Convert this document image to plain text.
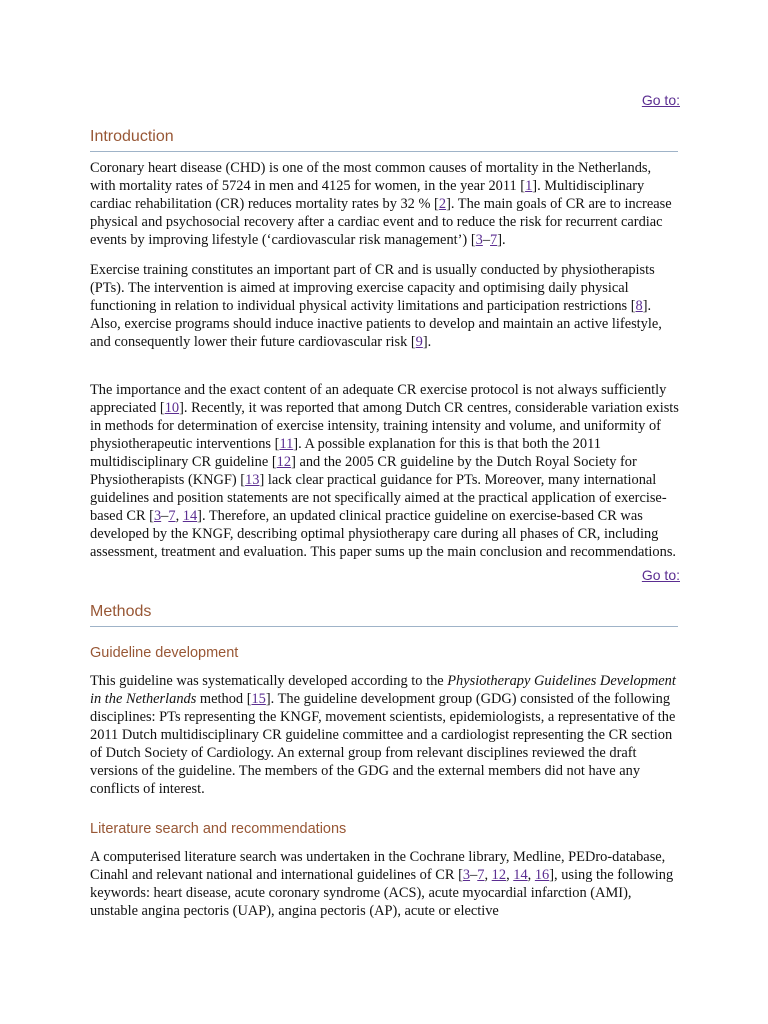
Go to:
Introduction

Coronary heart disease (CHD) is one of the most common causes of mortality in the Netherlands, with mortality rates of 5724 in men and 4125 for women, in the year 2011 [1]. Multidisciplinary cardiac rehabilitation (CR) reduces mortality rates by 32 % [2]. The main goals of CR are to increase physical and psychosocial recovery after a cardiac event and to reduce the risk for recurrent cardiac events by improving lifestyle (‘cardiovascular risk management’) [3–7].

Exercise training constitutes an important part of CR and is usually conducted by physiotherapists (PTs). The intervention is aimed at improving exercise capacity and optimising daily physical functioning in relation to individual physical activity limitations and participation restrictions [8]. Also, exercise programs should induce inactive patients to develop and maintain an active lifestyle, and consequently lower their future cardiovascular risk [9].

The importance and the exact content of an adequate CR exercise protocol is not always sufficiently appreciated [10]. Recently, it was reported that among Dutch CR centres, considerable variation exists in methods for determination of exercise intensity, training intensity and volume, and uniformity of physiotherapeutic interventions [11]. A possible explanation for this is that both the 2011 multidisciplinary CR guideline [12] and the 2005 CR guideline by the Dutch Royal Society for Physiotherapists (KNGF) [13] lack clear practical guidance for PTs. Moreover, many international guidelines and position statements are not specifically aimed at the practical application of exercise-based CR [3–7, 14]. Therefore, an updated clinical practice guideline on exercise-based CR was developed by the KNGF, describing optimal physiotherapy care during all phases of CR, including assessment, treatment and evaluation. This paper sums up the main conclusion and recommendations.

Go to:
Methods
Guideline development

This guideline was systematically developed according to the Physiotherapy Guidelines Development in the Netherlands method [15]. The guideline development group (GDG) consisted of the following disciplines: PTs representing the KNGF, movement scientists, epidemiologists, a representative of the 2011 Dutch multidisciplinary CR guideline committee and a cardiologist representing the CR section of Dutch Society of Cardiology. An external group from relevant disciplines reviewed the draft versions of the guideline. The members of the GDG and the external members did not have any conflicts of interest.

Literature search and recommendations

A computerised literature search was undertaken in the Cochrane library, Medline, PEDro-database, Cinahl and relevant national and international guidelines of CR [3–7, 12, 14, 16], using the following keywords: heart disease, acute coronary syndrome (ACS), acute myocardial infarction (AMI), unstable angina pectoris (UAP), angina pectoris (AP), acute or elective
